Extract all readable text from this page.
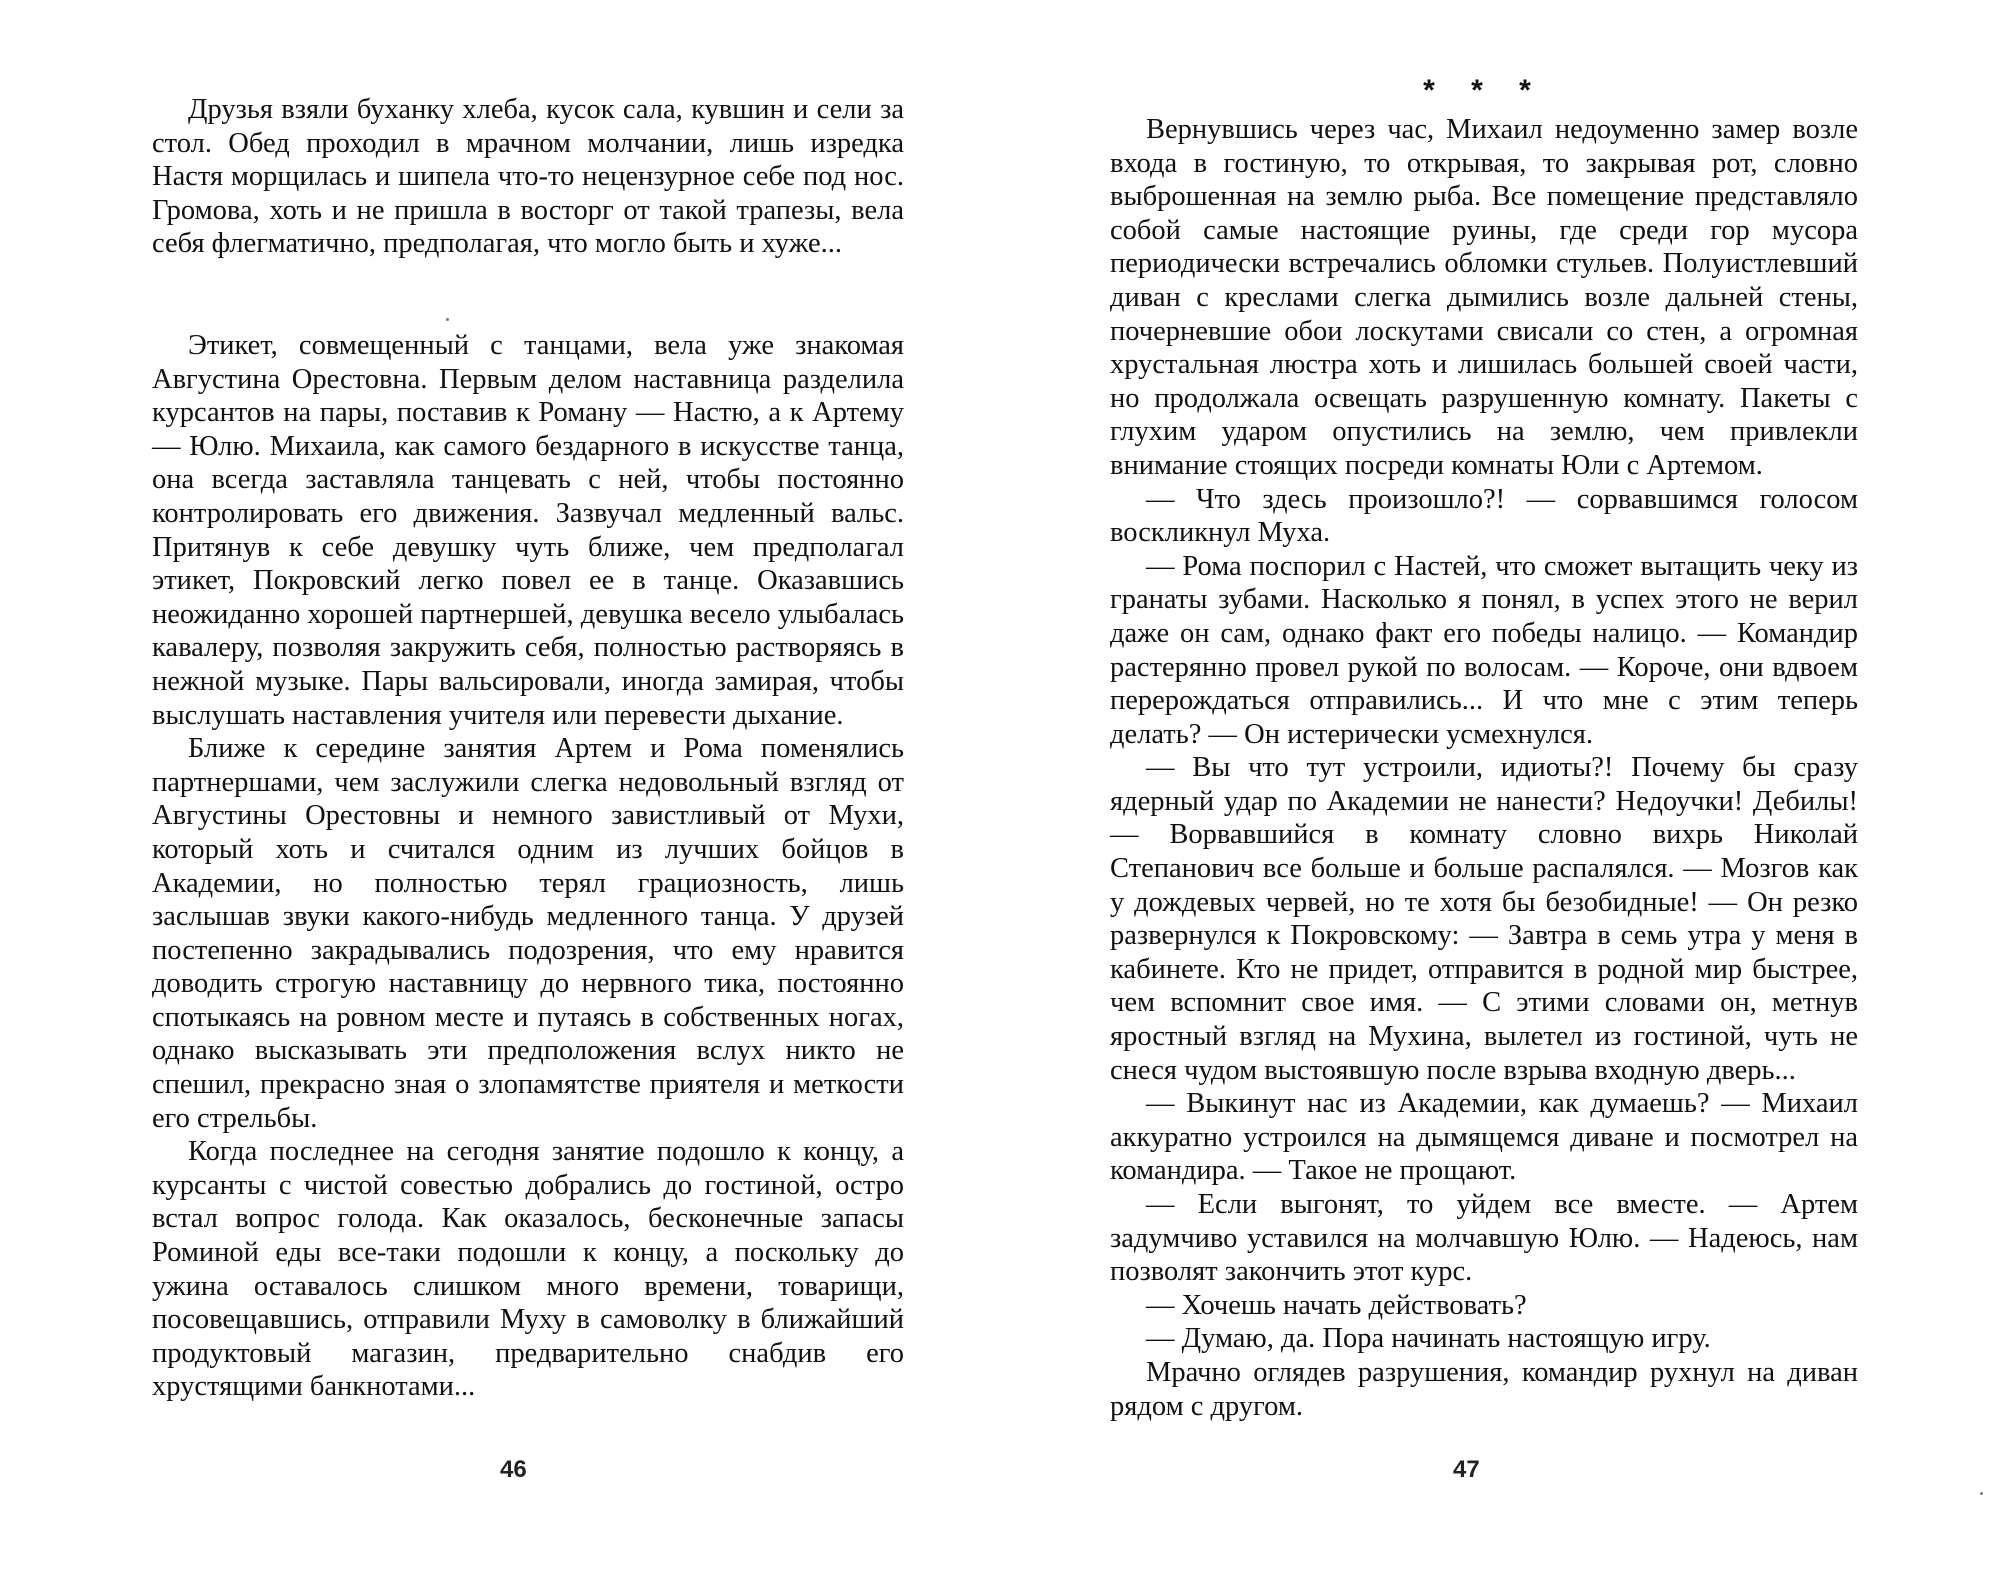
Друзья взяли буханку хлеба, кусок сала, кувшин и сели за стол. Обед проходил в мрачном молчании, лишь изредка Настя морщилась и шипела что-то нецензурное себе под нос. Громова, хоть и не пришла в восторг от такой трапезы, вела себя флегматично, предполагая, что могло быть и хуже...

Этикет, совмещенный с танцами, вела уже знакомая Августина Орестовна. Первым делом наставница разделила курсантов на пары, поставив к Роману — Настю, а к Артему — Юлю. Михаила, как самого бездарного в искусстве танца, она всегда заставляла танцевать с ней, чтобы постоянно контролировать его движения. Зазвучал медленный вальс. Притянув к себе девушку чуть ближе, чем предполагал этикет, Покровский легко повел ее в танце. Оказавшись неожиданно хорошей партнершей, девушка весело улыбалась кавалеру, позволяя закружить себя, полностью растворяясь в нежной музыке. Пары вальсировали, иногда замирая, чтобы выслушать наставления учителя или перевести дыхание.

Ближе к середине занятия Артем и Рома поменялись партнершами, чем заслужили слегка недовольный взгляд от Августины Орестовны и немного завистливый от Мухи, который хоть и считался одним из лучших бойцов в Академии, но полностью терял грациозность, лишь заслышав звуки какого-нибудь медленного танца. У друзей постепенно закрадывались подозрения, что ему нравится доводить строгую наставницу до нервного тика, постоянно спотыкаясь на ровном месте и путаясь в собственных ногах, однако высказывать эти предположения вслух никто не спешил, прекрасно зная о злопамятстве приятеля и меткости его стрельбы.

Когда последнее на сегодня занятие подошло к концу, а курсанты с чистой совестью добрались до гостиной, остро встал вопрос голода. Как оказалось, бесконечные запасы Роминой еды все-таки подошли к концу, а поскольку до ужина оставалось слишком много времени, товарищи, посовещавшись, отправили Муху в самоволку в ближайший продуктовый магазин, предварительно снабдив его хрустящими банкнотами...

46
* * *

Вернувшись через час, Михаил недоуменно замер возле входа в гостиную, то открывая, то закрывая рот, словно выброшенная на землю рыба. Все помещение представляло собой самые настоящие руины, где среди гор мусора периодически встречались обломки стульев. Полуистлевший диван с креслами слегка дымились возле дальней стены, почерневшие обои лоскутами свисали со стен, а огромная хрустальная люстра хоть и лишилась большей своей части, но продолжала освещать разрушенную комнату. Пакеты с глухим ударом опустились на землю, чем привлекли внимание стоящих посреди комнаты Юли с Артемом.

— Что здесь произошло?! — сорвавшимся голосом воскликнул Муха.

— Рома поспорил с Настей, что сможет вытащить чеку из гранаты зубами. Насколько я понял, в успех этого не верил даже он сам, однако факт его победы налицо. — Командир растерянно провел рукой по волосам. — Короче, они вдвоем перерождаться отправились... И что мне с этим теперь делать? — Он истерически усмехнулся.

— Вы что тут устроили, идиоты?! Почему бы сразу ядерный удар по Академии не нанести? Недоучки! Дебилы! — Ворвавшийся в комнату словно вихрь Николай Степанович все больше и больше распалялся. — Мозгов как у дождевых червей, но те хотя бы безобидные! — Он резко развернулся к Покровскому: — Завтра в семь утра у меня в кабинете. Кто не придет, отправится в родной мир быстрее, чем вспомнит свое имя. — С этими словами он, метнув яростный взгляд на Мухина, вылетел из гостиной, чуть не снеся чудом выстоявшую после взрыва входную дверь...

— Выкинут нас из Академии, как думаешь? — Михаил аккуратно устроился на дымящемся диване и посмотрел на командира. — Такое не прощают.

— Если выгонят, то уйдем все вместе. — Артем задумчиво уставился на молчавшую Юлю. — Надеюсь, нам позволят закончить этот курс.

— Хочешь начать действовать?

— Думаю, да. Пора начинать настоящую игру.

Мрачно оглядев разрушения, командир рухнул на диван рядом с другом.

47
